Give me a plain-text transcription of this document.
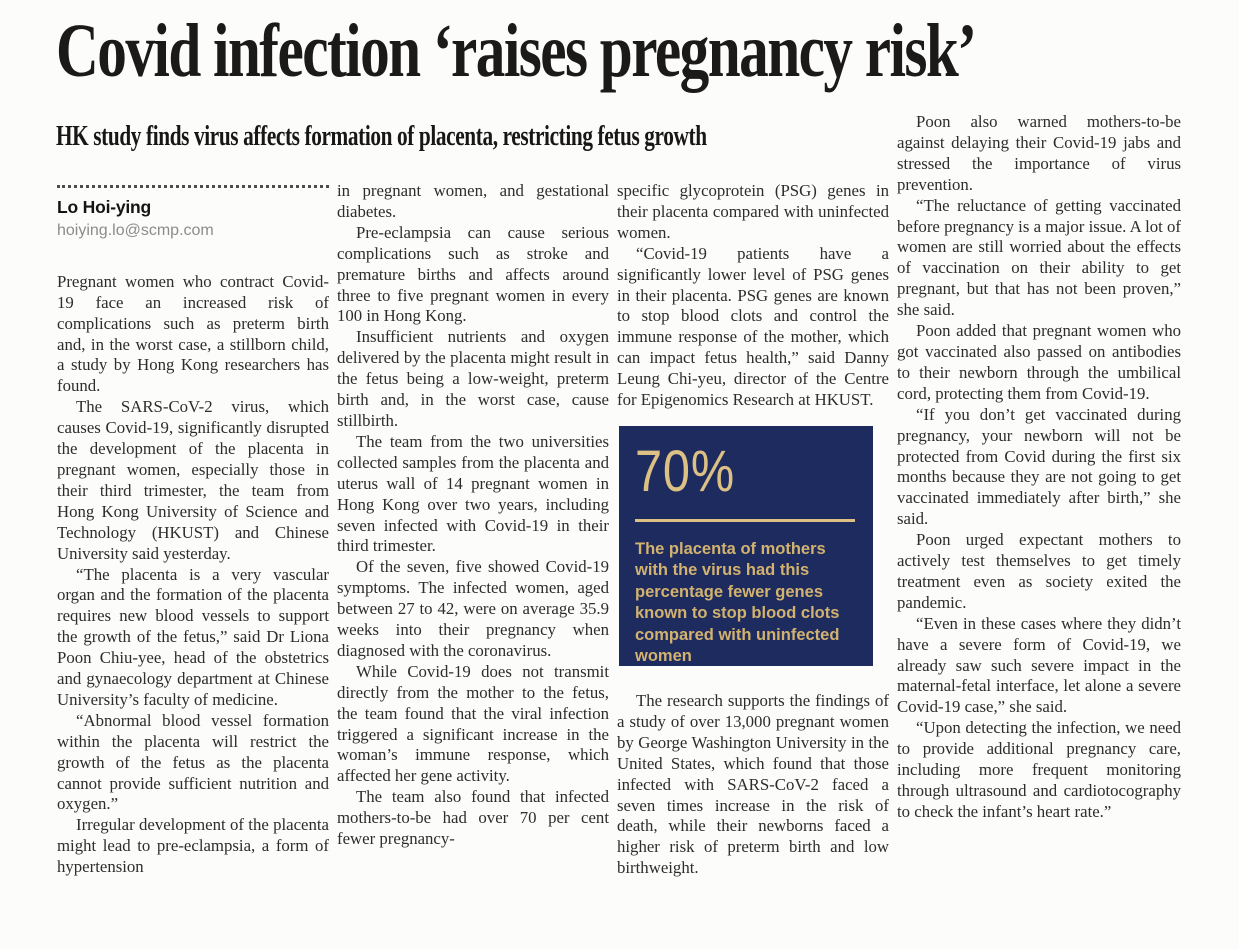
Covid infection ‘raises pregnancy risk’
HK study finds virus affects formation of placenta, restricting fetus growth
Lo Hoi-ying
hoiying.lo@scmp.com

Pregnant women who contract Covid-19 face an increased risk of complications such as preterm birth and, in the worst case, a stillborn child, a study by Hong Kong researchers has found.

The SARS-CoV-2 virus, which causes Covid-19, significantly disrupted the development of the placenta in pregnant women, especially those in their third trimester, the team from Hong Kong University of Science and Technology (HKUST) and Chinese University said yesterday.

“The placenta is a very vascular organ and the formation of the placenta requires new blood vessels to support the growth of the fetus,” said Dr Liona Poon Chiu-yee, head of the obstetrics and gynaecology department at Chinese University’s faculty of medicine.

“Abnormal blood vessel formation within the placenta will restrict the growth of the fetus as the placenta cannot provide sufficient nutrition and oxygen.”

Irregular development of the placenta might lead to pre-eclampsia, a form of hypertension

in pregnant women, and gestational diabetes.

Pre-eclampsia can cause serious complications such as stroke and premature births and affects around three to five pregnant women in every 100 in Hong Kong.

Insufficient nutrients and oxygen delivered by the placenta might result in the fetus being a low-weight, preterm birth and, in the worst case, cause stillbirth.

The team from the two universities collected samples from the placenta and uterus wall of 14 pregnant women in Hong Kong over two years, including seven infected with Covid-19 in their third trimester.

Of the seven, five showed Covid-19 symptoms. The infected women, aged between 27 to 42, were on average 35.9 weeks into their pregnancy when diagnosed with the coronavirus.

While Covid-19 does not transmit directly from the mother to the fetus, the team found that the viral infection triggered a significant increase in the woman’s immune response, which affected her gene activity.

The team also found that infected mothers-to-be had over 70 per cent fewer pregnancy-

specific glycoprotein (PSG) genes in their placenta compared with uninfected women.

“Covid-19 patients have a significantly lower level of PSG genes in their placenta. PSG genes are known to stop blood clots and control the immune response of the mother, which can impact fetus health,” said Danny Leung Chi-yeu, director of the Centre for Epigenomics Research at HKUST.

70%
The placenta of mothers with the virus had this percentage fewer genes known to stop blood clots compared with uninfected women

The research supports the findings of a study of over 13,000 pregnant women by George Washington University in the United States, which found that those infected with SARS-CoV-2 faced a seven times increase in the risk of death, while their newborns faced a higher risk of preterm birth and low birthweight.

Poon also warned mothers-to-be against delaying their Covid-19 jabs and stressed the importance of virus prevention.

“The reluctance of getting vaccinated before pregnancy is a major issue. A lot of women are still worried about the effects of vaccination on their ability to get pregnant, but that has not been proven,” she said.

Poon added that pregnant women who got vaccinated also passed on antibodies to their newborn through the umbilical cord, protecting them from Covid-19.

“If you don’t get vaccinated during pregnancy, your newborn will not be protected from Covid during the first six months because they are not going to get vaccinated immediately after birth,” she said.

Poon urged expectant mothers to actively test themselves to get timely treatment even as society exited the pandemic.

“Even in these cases where they didn’t have a severe form of Covid-19, we already saw such severe impact in the maternal-fetal interface, let alone a severe Covid-19 case,” she said.

“Upon detecting the infection, we need to provide additional pregnancy care, including more frequent monitoring through ultrasound and cardiotocography to check the infant’s heart rate.”
